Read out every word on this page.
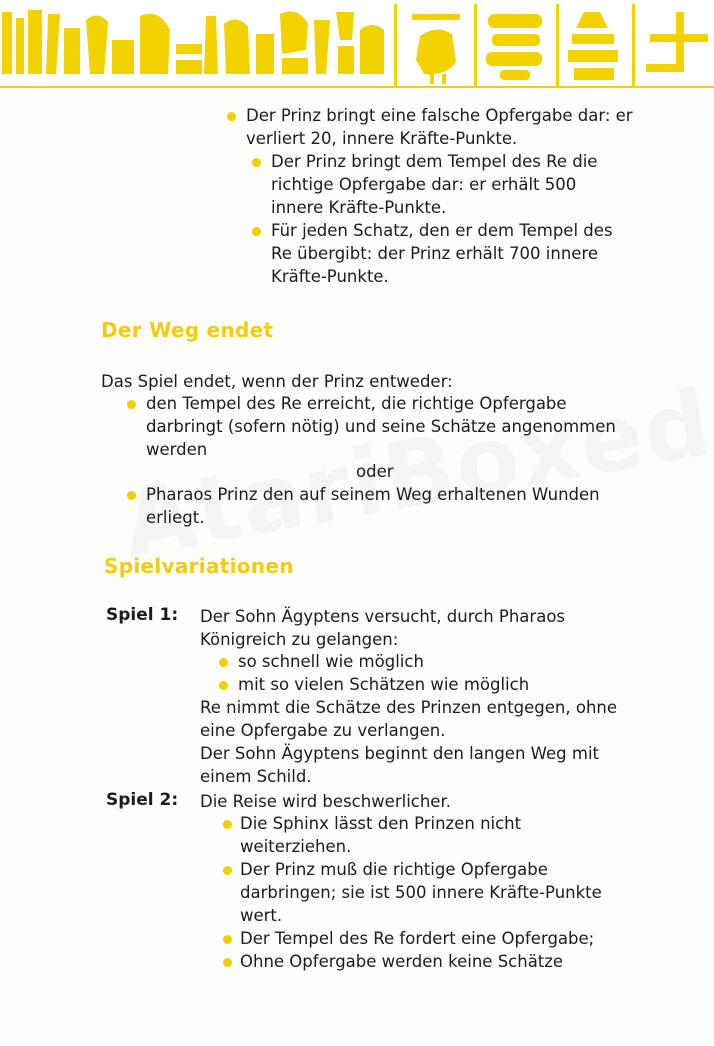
Der Prinz bringt eine falsche Opfergabe dar: er verliert 20, innere Kräfte-Punkte.
Der Prinz bringt dem Tempel des Re die richtige Opfergabe dar: er erhält 500 innere Kräfte-Punkte.
Für jeden Schatz, den er dem Tempel des Re übergibt: der Prinz erhält 700 innere Kräfte-Punkte.
Der Weg endet
Das Spiel endet, wenn der Prinz entweder:
den Tempel des Re erreicht, die richtige Opfergabe darbringt (sofern nötig) und seine Schätze angenommen werden
oder
Pharaos Prinz den auf seinem Weg erhaltenen Wunden erliegt.
Spielvariationen
Spiel 1: Der Sohn Ägyptens versucht, durch Pharaos Königreich zu gelangen:
so schnell wie möglich
mit so vielen Schätzen wie möglich
Re nimmt die Schätze des Prinzen entgegen, ohne eine Opfergabe zu verlangen.
Der Sohn Ägyptens beginnt den langen Weg mit einem Schild.
Spiel 2: Die Reise wird beschwerlicher.
Die Sphinx lässt den Prinzen nicht weiterziehen.
Der Prinz muß die richtige Opfergabe darbringen; sie ist 500 innere Kräfte-Punkte wert.
Der Tempel des Re fordert eine Opfergabe;
Ohne Opfergabe werden keine Schätze
